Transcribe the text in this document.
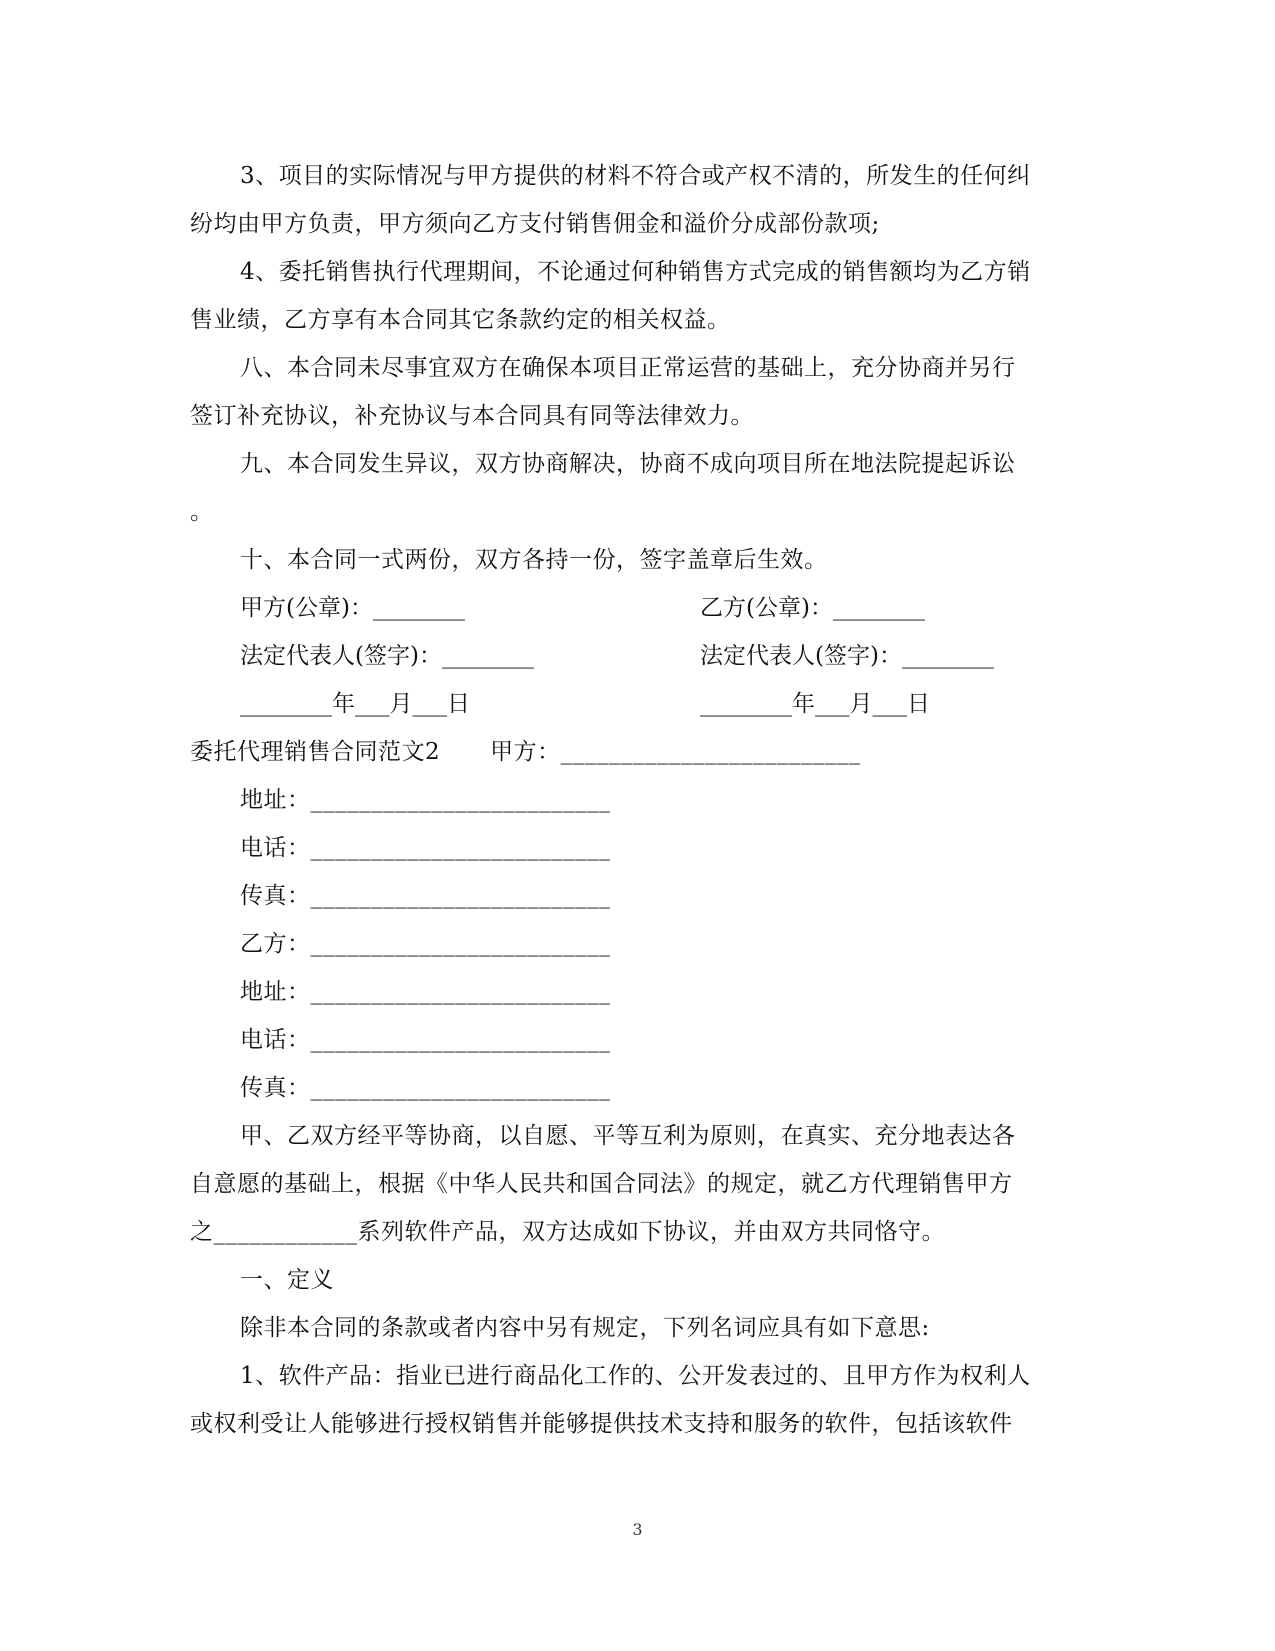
3、项目的实际情况与甲方提供的材料不符合或产权不清的，所发生的任何纠
纷均由甲方负责，甲方须向乙方支付销售佣金和溢价分成部份款项;
4、委托销售执行代理期间，不论通过何种销售方式完成的销售额均为乙方销
售业绩，乙方享有本合同其它条款约定的相关权益。
八、本合同未尽事宜双方在确保本项目正常运营的基础上，充分协商并另行
签订补充协议，补充协议与本合同具有同等法律效力。
九、本合同发生异议，双方协商解决，协商不成向项目所在地法院提起诉讼
。
十、本合同一式两份，双方各持一份，签字盖章后生效。
甲方(公章)：________	乙方(公章)：________
法定代表人(签字)：________	法定代表人(签字)：________
________年___月___日	________年___月___日
委托代理销售合同范文2 甲方：_________________________
地址：_________________________
电话：_________________________
传真：_________________________
乙方：_________________________
地址：_________________________
电话：_________________________
传真：_________________________
甲、乙双方经平等协商，以自愿、平等互利为原则，在真实、充分地表达各
自意愿的基础上，根据《中华人民共和国合同法》的规定，就乙方代理销售甲方
之____________系列软件产品，双方达成如下协议，并由双方共同恪守。
一、定义
除非本合同的条款或者内容中另有规定，下列名词应具有如下意思:
1、软件产品：指业已进行商品化工作的、公开发表过的、且甲方作为权利人
或权利受让人能够进行授权销售并能够提供技术支持和服务的软件，包括该软件
3
